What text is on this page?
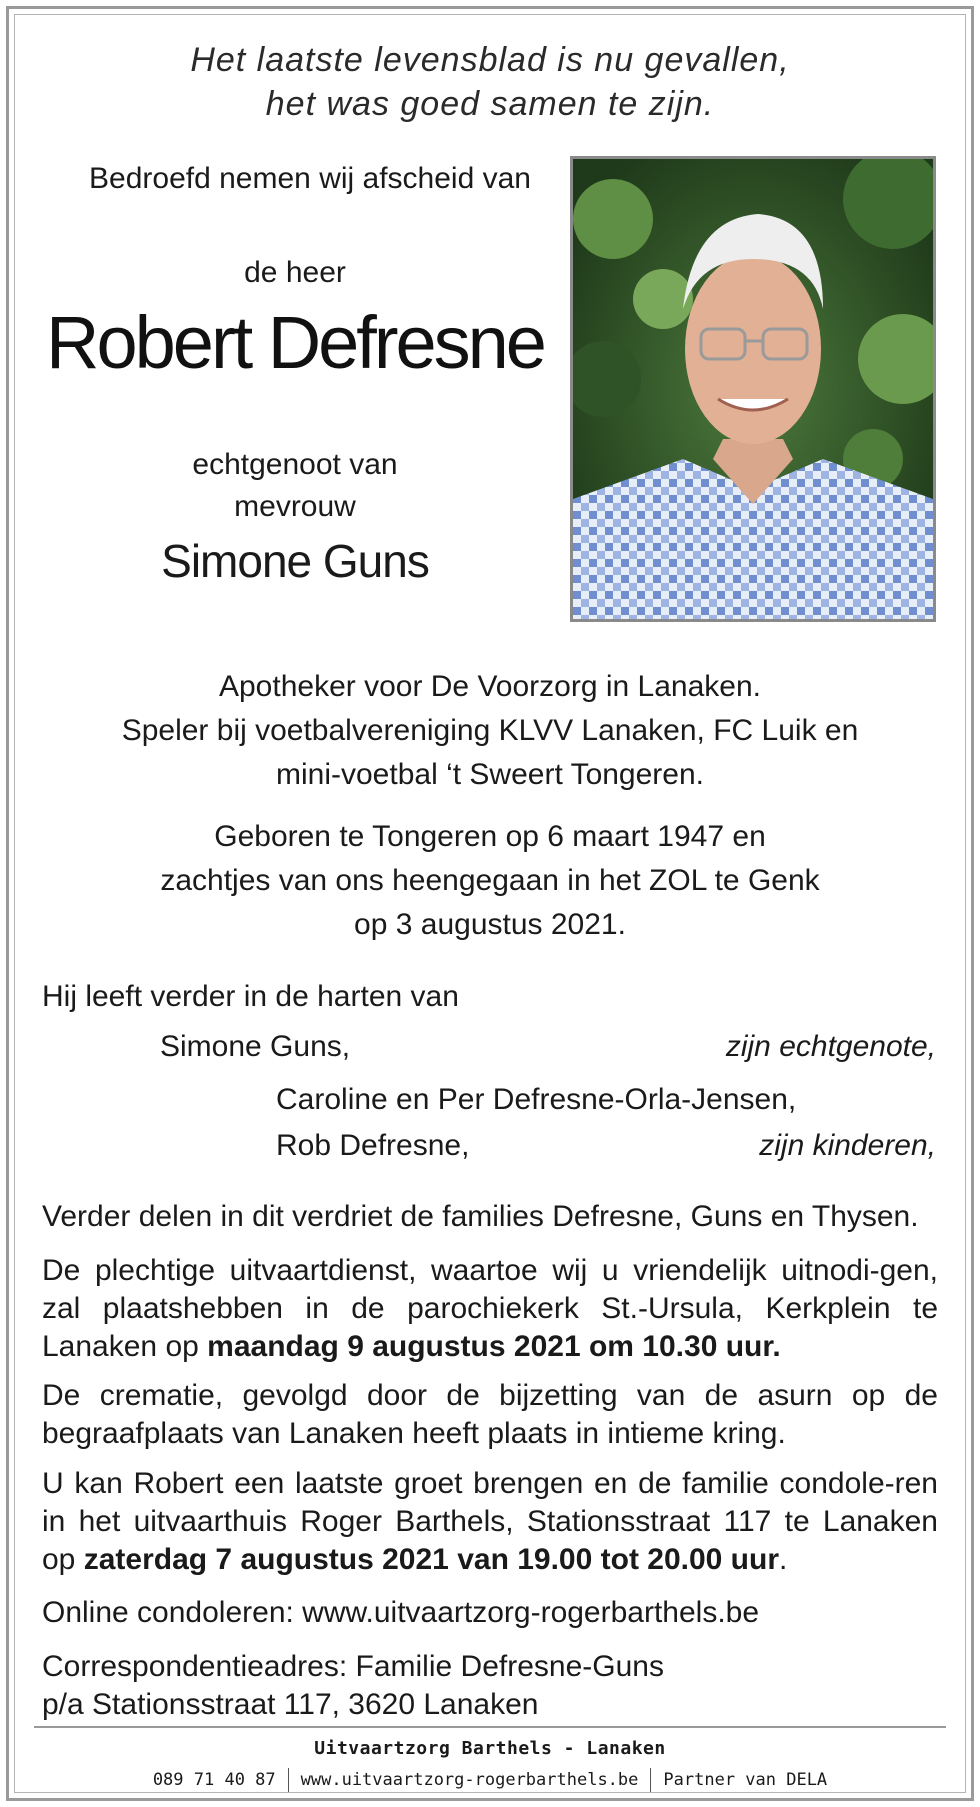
Het laatste levensblad is nu gevallen,
het was goed samen te zijn.
Bedroefd nemen wij afscheid van
de heer
Robert Defresne
echtgenoot van
mevrouw
Simone Guns
Apotheker voor De Voorzorg in Lanaken.
Speler bij voetbalvereniging KLVV Lanaken, FC Luik en
mini-voetbal ‘t Sweert Tongeren.
Geboren te Tongeren op 6 maart 1947 en
zachtjes van ons heengegaan in het ZOL te Genk
op 3 augustus 2021.
Hij leeft verder in de harten van
Simone Guns,	zijn echtgenote,
Caroline en Per Defresne-Orla-Jensen,
Rob Defresne,	zijn kinderen,
Verder delen in dit verdriet de families Defresne, Guns en Thysen.
De plechtige uitvaartdienst, waartoe wij u vriendelijk uitnodi-gen, zal plaatshebben in de parochiekerk St.-Ursula, Kerkplein te Lanaken op maandag 9 augustus 2021 om 10.30 uur.
De crematie, gevolgd door de bijzetting van de asurn op de begraafplaats van Lanaken heeft plaats in intieme kring.
U kan Robert een laatste groet brengen en de familie condole-ren in het uitvaarthuis Roger Barthels, Stationsstraat 117 te Lanaken op zaterdag 7 augustus 2021 van 19.00 tot 20.00 uur.
Online condoleren: www.uitvaartzorg-rogerbarthels.be
Correspondentieadres: Familie Defresne-Guns
p/a Stationsstraat 117, 3620 Lanaken
Uitvaartzorg Barthels - Lanaken
089 71 40 87 www.uitvaartzorg-rogerbarthels.be Partner van DELA
